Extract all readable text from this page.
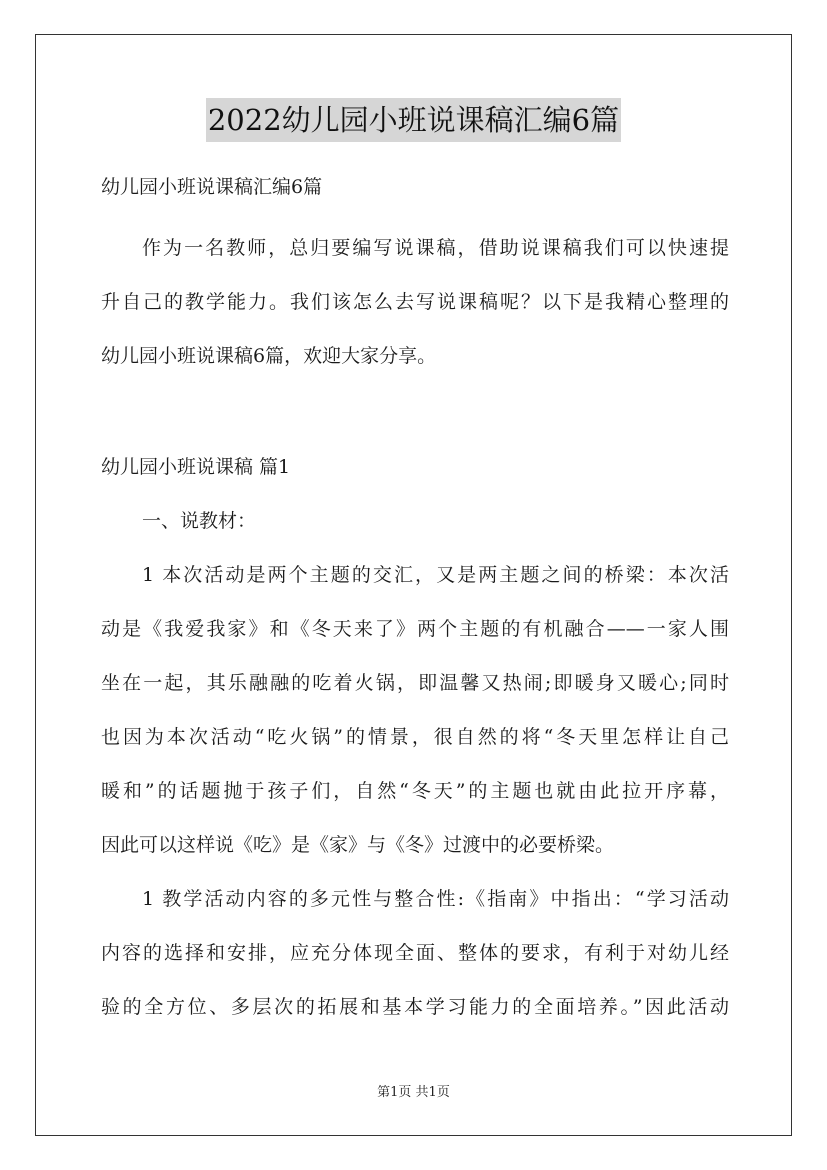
2022幼儿园小班说课稿汇编6篇

幼儿园小班说课稿汇编6篇

作为一名教师，总归要编写说课稿，借助说课稿我们可以快速提

升自己的教学能力。我们该怎么去写说课稿呢？以下是我精心整理的

幼儿园小班说课稿6篇，欢迎大家分享。

幼儿园小班说课稿 篇1

一、说教材：

1 本次活动是两个主题的交汇，又是两主题之间的桥梁：本次活

动是《我爱我家》和《冬天来了》两个主题的有机融合——一家人围

坐在一起，其乐融融的吃着火锅，即温馨又热闹;即暖身又暖心;同时

也因为本次活动“吃火锅”的情景，很自然的将“冬天里怎样让自己

暖和”的话题抛于孩子们，自然“冬天”的主题也就由此拉开序幕，

因此可以这样说《吃》是《家》与《冬》过渡中的必要桥梁。

1 教学活动内容的多元性与整合性:《指南》中指出：“学习活动

内容的选择和安排，应充分体现全面、整体的要求，有利于对幼儿经

验的全方位、多层次的拓展和基本学习能力的全面培养。”因此活动

第1页 共1页
